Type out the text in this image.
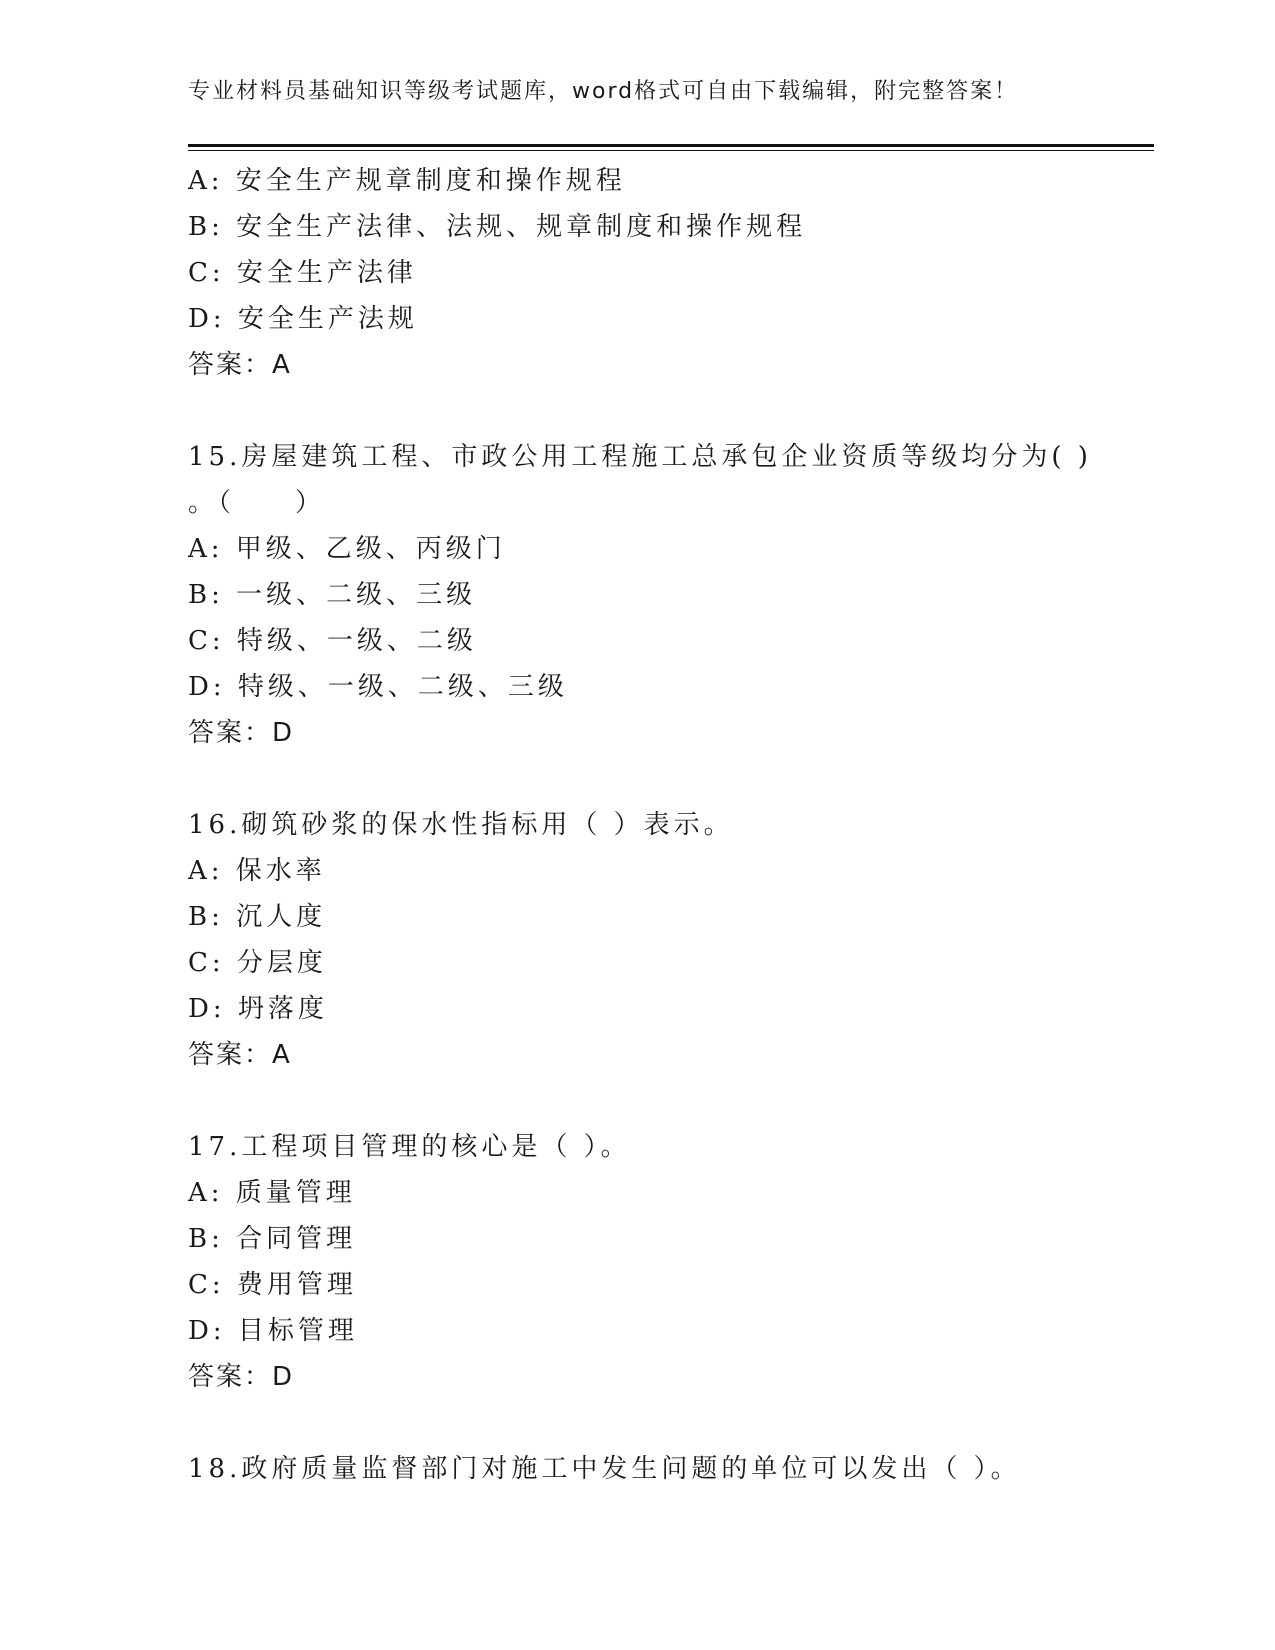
专业材料员基础知识等级考试题库，word格式可自由下载编辑，附完整答案！
A: 安全生产规章制度和操作规程
B: 安全生产法律、法规、规章制度和操作规程
C: 安全生产法律
D: 安全生产法规
答案：A
15.房屋建筑工程、市政公用工程施工总承包企业资质等级均分为( )
。（　　）
A: 甲级、乙级、丙级门
B: 一级、二级、三级
C: 特级、一级、二级
D: 特级、一级、二级、三级
答案：D
16.砌筑砂浆的保水性指标用（ ）表示。
A: 保水率
B: 沉人度
C: 分层度
D: 坍落度
答案：A
17.工程项目管理的核心是（ ）。
A: 质量管理
B: 合同管理
C: 费用管理
D: 目标管理
答案：D
18.政府质量监督部门对施工中发生问题的单位可以发出（ ）。
